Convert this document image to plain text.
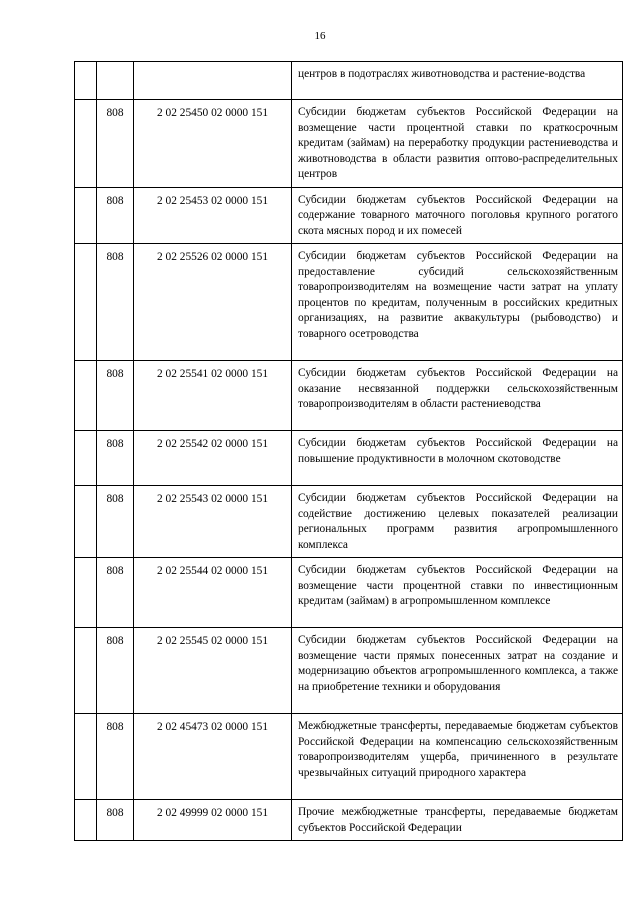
16
			центров в подотраслях животноводства и растение-водства
	808	2 02 25450 02 0000 151	Субсидии бюджетам субъектов Российской Федерации на возмещение части процентной ставки по краткосрочным кредитам (займам) на переработку продукции растениеводства и животноводства в области развития оптово-распределительных центров
	808	2 02 25453 02 0000 151	Субсидии бюджетам субъектов Российской Федерации на содержание товарного маточного поголовья крупного рогатого скота мясных пород и их помесей
	808	2 02 25526 02 0000 151	Субсидии бюджетам субъектов Российской Федерации на предоставление субсидий сельскохозяйственным товаропроизводителям на возмещение части затрат на уплату процентов по кредитам, полученным в российских кредитных организациях, на развитие аквакультуры (рыбоводство) и товарного осетроводства
	808	2 02 25541 02 0000 151	Субсидии бюджетам субъектов Российской Федерации на оказание несвязанной поддержки сельскохозяйственным товаропроизводителям в области растениеводства
	808	2 02 25542 02 0000 151	Субсидии бюджетам субъектов Российской Федерации на повышение продуктивности в молочном скотоводстве
	808	2 02 25543 02 0000 151	Субсидии бюджетам субъектов Российской Федерации на содействие достижению целевых показателей реализации региональных программ развития агропромышленного комплекса
	808	2 02 25544 02 0000 151	Субсидии бюджетам субъектов Российской Федерации на возмещение части процентной ставки по инвестиционным кредитам (займам) в агропромышленном комплексе
	808	2 02 25545 02 0000 151	Субсидии бюджетам субъектов Российской Федерации на возмещение части прямых понесенных затрат на создание и модернизацию объектов агропромышленного комплекса, а также на приобретение техники и оборудования
	808	2 02 45473 02 0000 151	Межбюджетные трансферты, передаваемые бюджетам субъектов Российской Федерации на компенсацию сельскохозяйственным товаропроизводителям ущерба, причиненного в результате чрезвычайных ситуаций природного характера
	808	2 02 49999 02 0000 151	Прочие межбюджетные трансферты, передаваемые бюджетам субъектов Российской Федерации
